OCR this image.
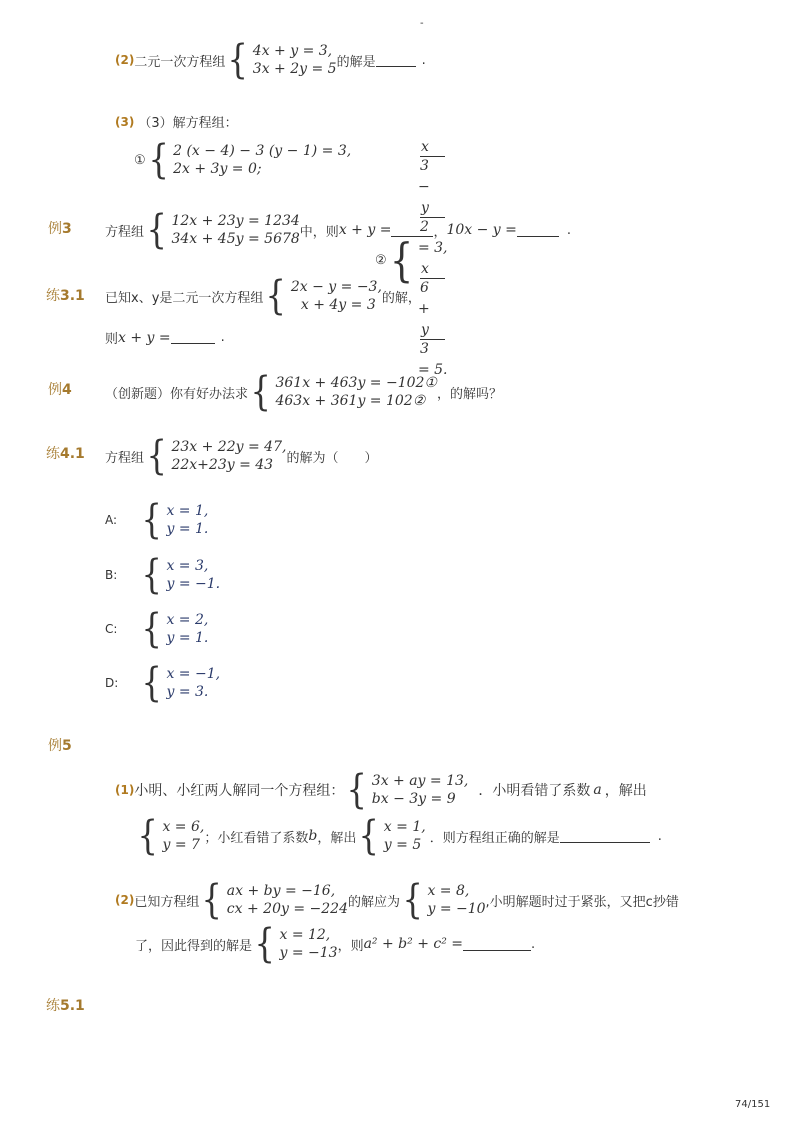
-
(2) 二元一次方程组 { 4x + y = 3,
3x + 2y = 5 的解是	.
(3) （3）解方程组：
① { 2 (x − 4) − 3 (y − 1) = 3,
2x + 3y = 0;
② {
x
3
−
y
2
= 3,
x
6
+
y
3
= 5.
例3	方程组 { 12x + 23y = 1234
34x + 45y = 5678 中，则 x + y =	， 10x − y =	.
练3.1 已知x、y是二元一次方程组 { 2x − y = −3,
x + 4y = 3 的解，
则 x + y =	.
例4	（创新题）你有好办法求 { 361x + 463y = −102①
463x + 361y = 102② ，的解吗？
练4.1 方程组 { 23x + 22y = 47,
22x+23y = 43	的解为（　　）
A: { x = 1,
y = 1.
B: { x = 3,
y = −1.
C: { x = 2,
y = 1.
D: { x = −1,
y = 3.
例5
(1) 小明、小红两人解同一个方程组： { 3x + ay = 13,
bx − 3y = 9	．小明看错了系数 a ，解出
{ x = 6,
y = 7 ；小红看错了系数 b ，解出 { x = 1,
y = 5 ．则方程组正确的解是	.
(2) 已知方程组 { ax + by = −16,
cx + 20y = −224 的解应为 { x = 8,
y = −10 ,小明解题时过于紧张，又把c抄错
了，因此得到的解是 { x = 12,
y = −13 ，则 a² + b² + c² =	.
练5.1
74/151
